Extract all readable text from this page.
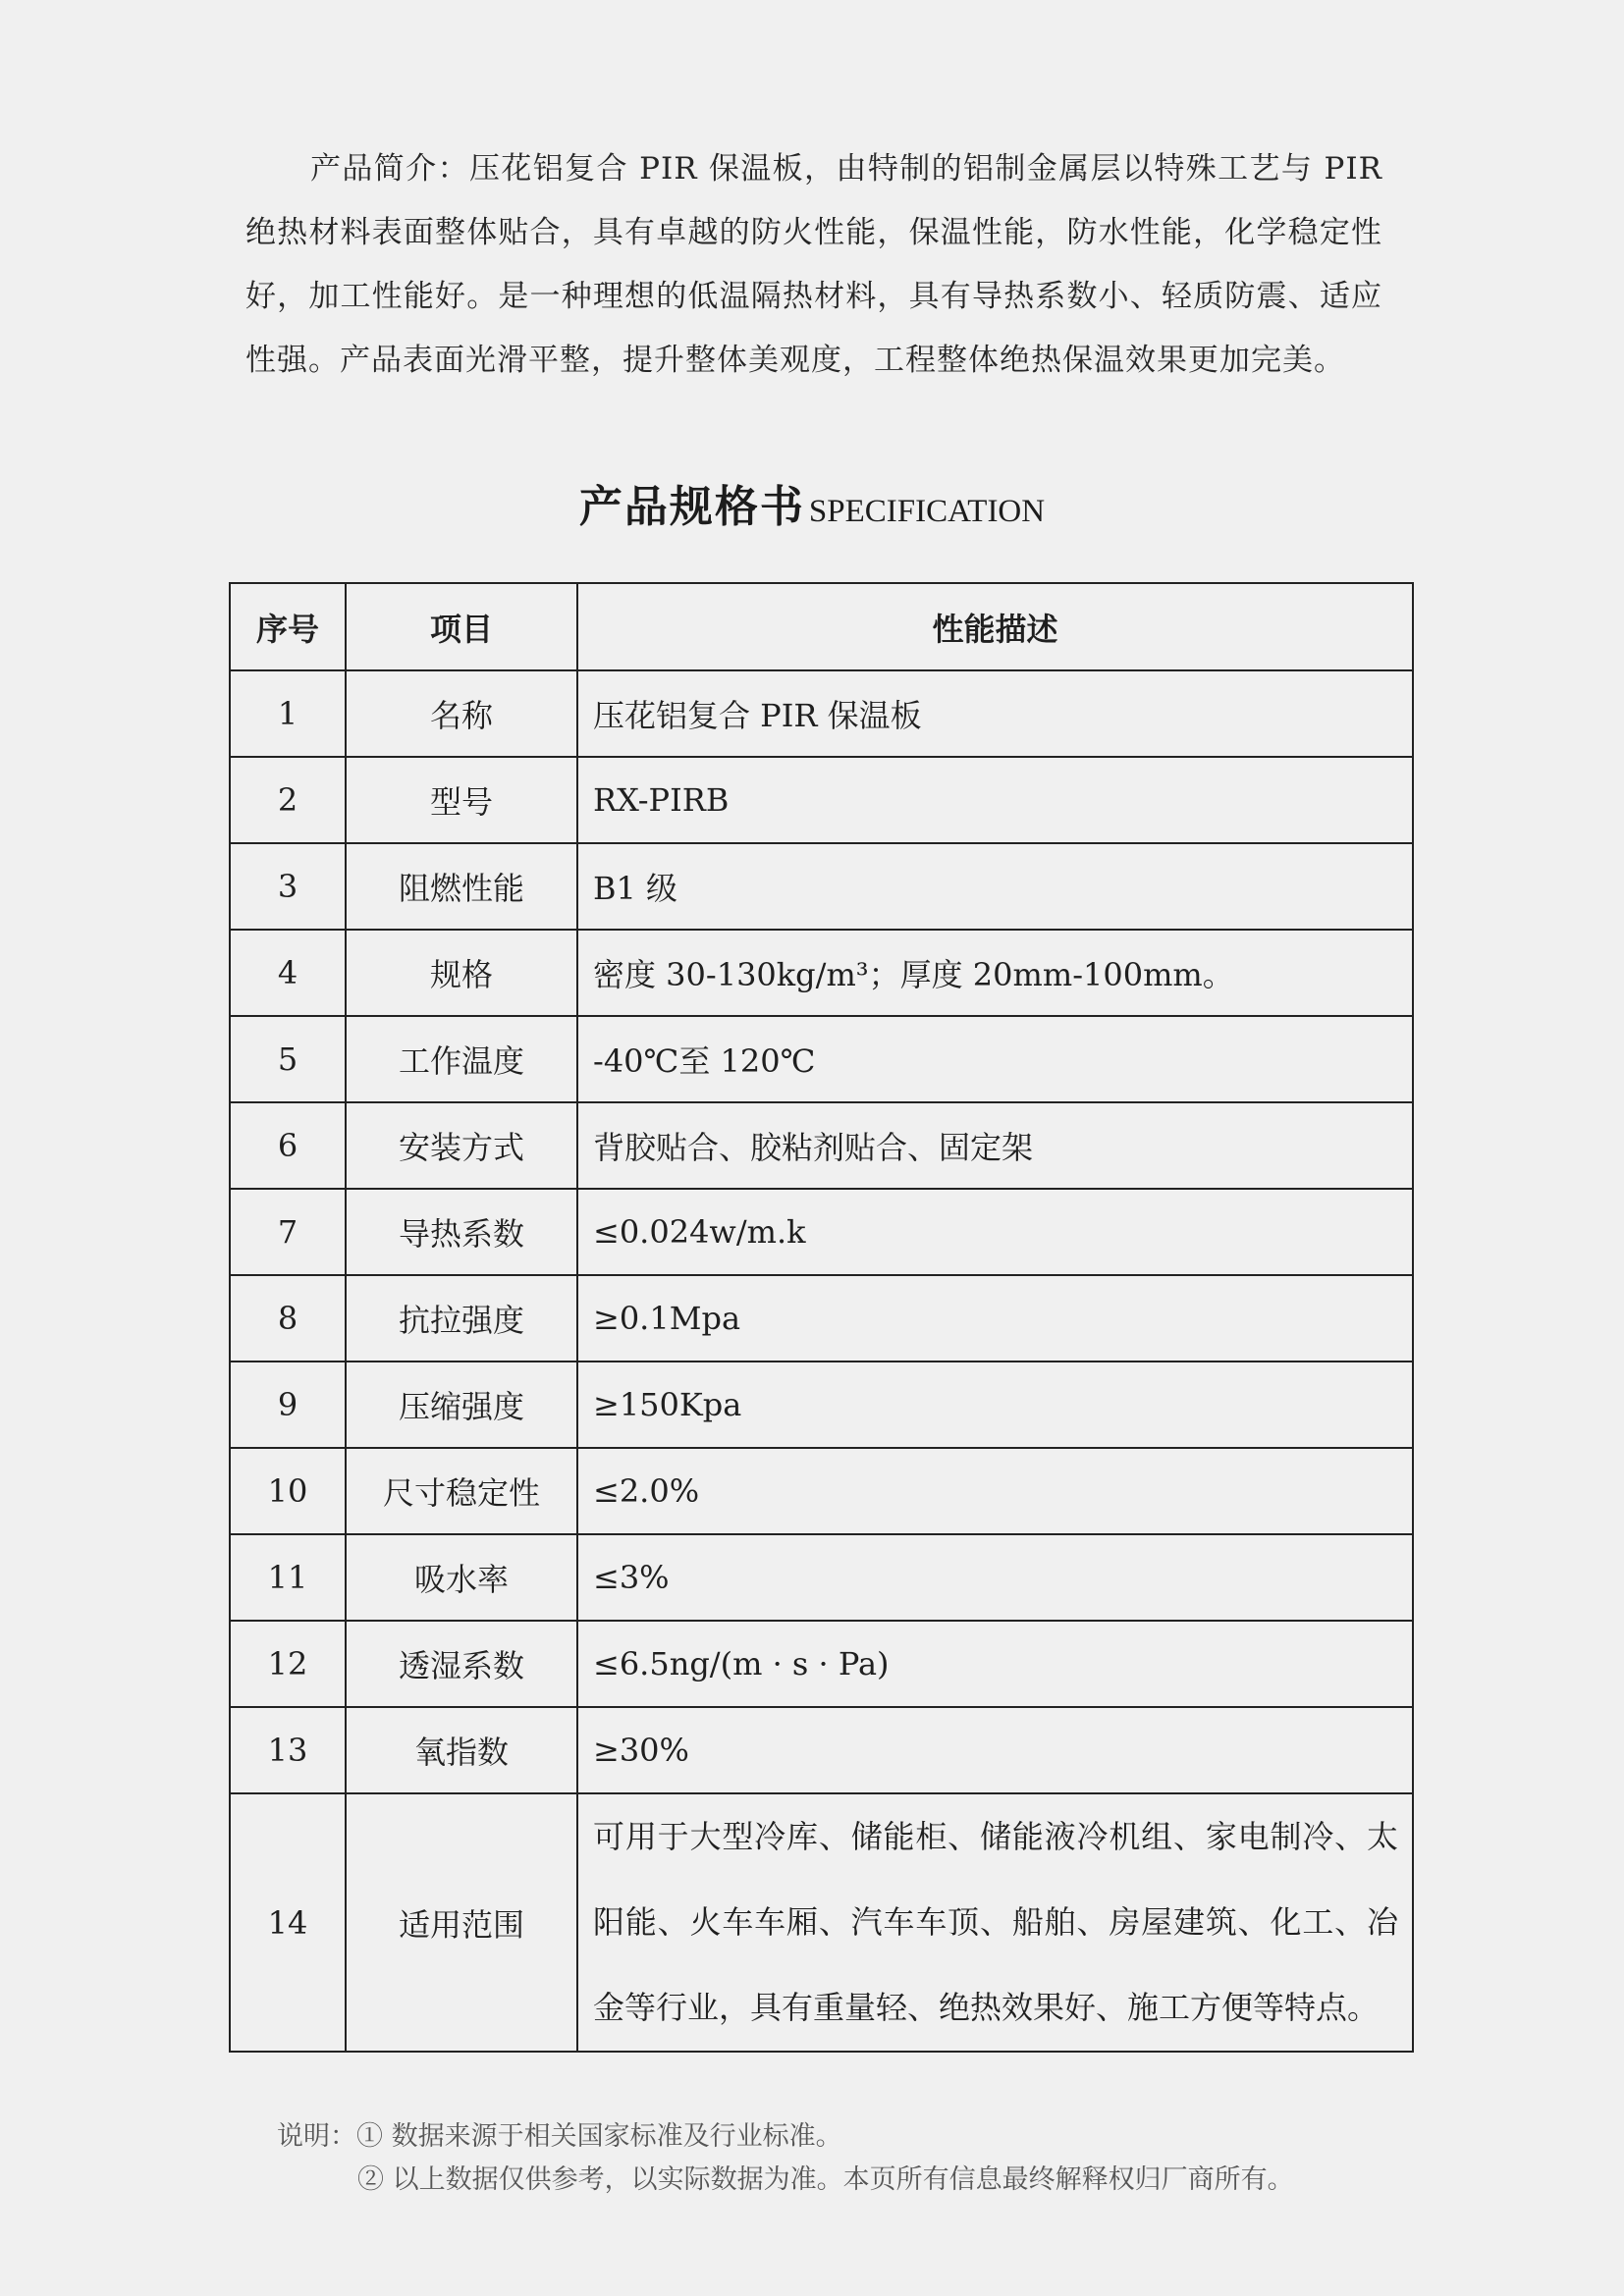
产品简介：压花铝复合 PIR 保温板，由特制的铝制金属层以特殊工艺与 PIR 绝热材料表面整体贴合，具有卓越的防火性能，保温性能，防水性能，化学稳定性好，加工性能好。是一种理想的低温隔热材料，具有导热系数小、轻质防震、适应性强。产品表面光滑平整，提升整体美观度，工程整体绝热保温效果更加完美。

产品规格书 SPECIFICATION
序号	项目	性能描述
1	名称	压花铝复合 PIR 保温板
2	型号	RX-PIRB
3	阻燃性能	B1 级
4	规格	密度 30-130kg/m³；厚度 20mm-100mm。
5	工作温度	-40℃至 120℃
6	安装方式	背胶贴合、胶粘剂贴合、固定架
7	导热系数	≤0.024w/m.k
8	抗拉强度	≥0.1Mpa
9	压缩强度	≥150Kpa
10	尺寸稳定性	≤2.0%
11	吸水率	≤3%
12	透湿系数	≤6.5ng/(m · s · Pa)
13	氧指数	≥30%
14	适用范围	可用于大型冷库、储能柜、储能液冷机组、家电制冷、太阳能、火车车厢、汽车车顶、船舶、房屋建筑、化工、冶金等行业，具有重量轻、绝热效果好、施工方便等特点。
说明：① 数据来源于相关国家标准及行业标准。
② 以上数据仅供参考，以实际数据为准。本页所有信息最终解释权归厂商所有。
